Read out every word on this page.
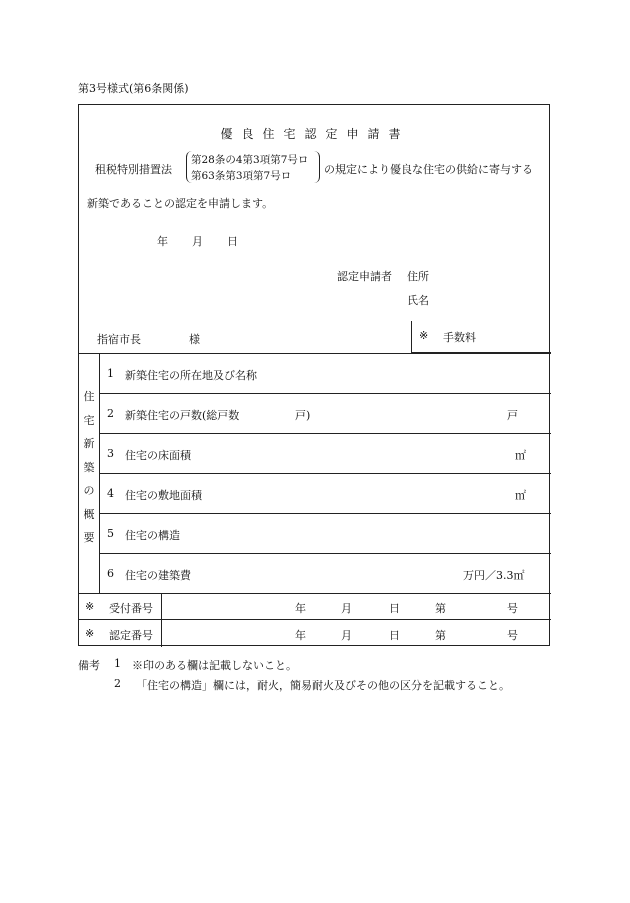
第3号様式(第6条関係)
優良住宅認定申請書
租税特別措置法
第28条の4第3項第7号ロ
第63条第3項第7号ロ	の規定により優良な住宅の供給に寄与する
新築であることの認定を申請します。
年 月 日
認定申請者 住所
氏名
指宿市長	様	※ 手数料
住
宅
新
築
の
概
要
1 新築住宅の所在地及び名称
2 新築住宅の戸数(総戸数	戸)	戸
3 住宅の床面積	㎡
4 住宅の敷地面積	㎡
5 住宅の構造
6 住宅の建築費	万円／3.3㎡
※ 受付番号	年	月	日	第	号
※ 認定番号	年	月	日	第	号
備考 1 ※印のある欄は記載しないこと。
2 「住宅の構造」欄には，耐火，簡易耐火及びその他の区分を記載すること。
